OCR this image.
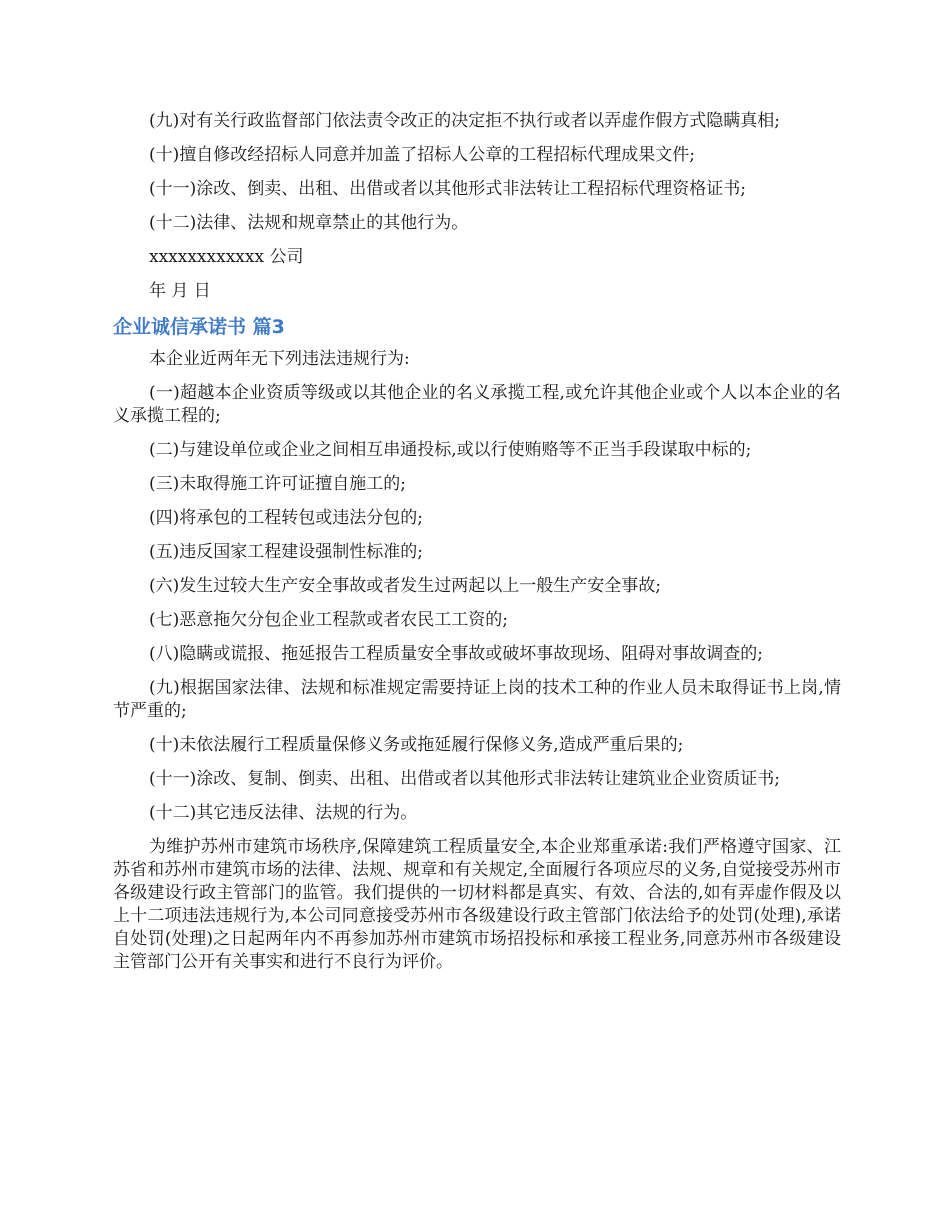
(九)对有关行政监督部门依法责令改正的决定拒不执行或者以弄虚作假方式隐瞒真相;

(十)擅自修改经招标人同意并加盖了招标人公章的工程招标代理成果文件;

(十一)涂改、倒卖、出租、出借或者以其他形式非法转让工程招标代理资格证书;

(十二)法律、法规和规章禁止的其他行为。

xxxxxxxxxxxx 公司

年 月 日

企业诚信承诺书 篇3

本企业近两年无下列违法违规行为:

(一)超越本企业资质等级或以其他企业的名义承揽工程,或允许其他企业或个人以本企业的名义承揽工程的;

(二)与建设单位或企业之间相互串通投标,或以行使贿赂等不正当手段谋取中标的;

(三)未取得施工许可证擅自施工的;

(四)将承包的工程转包或违法分包的;

(五)违反国家工程建设强制性标准的;

(六)发生过较大生产安全事故或者发生过两起以上一般生产安全事故;

(七)恶意拖欠分包企业工程款或者农民工工资的;

(八)隐瞒或谎报、拖延报告工程质量安全事故或破坏事故现场、阻碍对事故调查的;

(九)根据国家法律、法规和标准规定需要持证上岗的技术工种的作业人员未取得证书上岗,情节严重的;

(十)未依法履行工程质量保修义务或拖延履行保修义务,造成严重后果的;

(十一)涂改、复制、倒卖、出租、出借或者以其他形式非法转让建筑业企业资质证书;

(十二)其它违反法律、法规的行为。

为维护苏州市建筑市场秩序,保障建筑工程质量安全,本企业郑重承诺:我们严格遵守国家、江苏省和苏州市建筑市场的法律、法规、规章和有关规定,全面履行各项应尽的义务,自觉接受苏州市各级建设行政主管部门的监管。我们提供的一切材料都是真实、有效、合法的,如有弄虚作假及以上十二项违法违规行为,本公司同意接受苏州市各级建设行政主管部门依法给予的处罚(处理),承诺自处罚(处理)之日起两年内不再参加苏州市建筑市场招投标和承接工程业务,同意苏州市各级建设主管部门公开有关事实和进行不良行为评价。
